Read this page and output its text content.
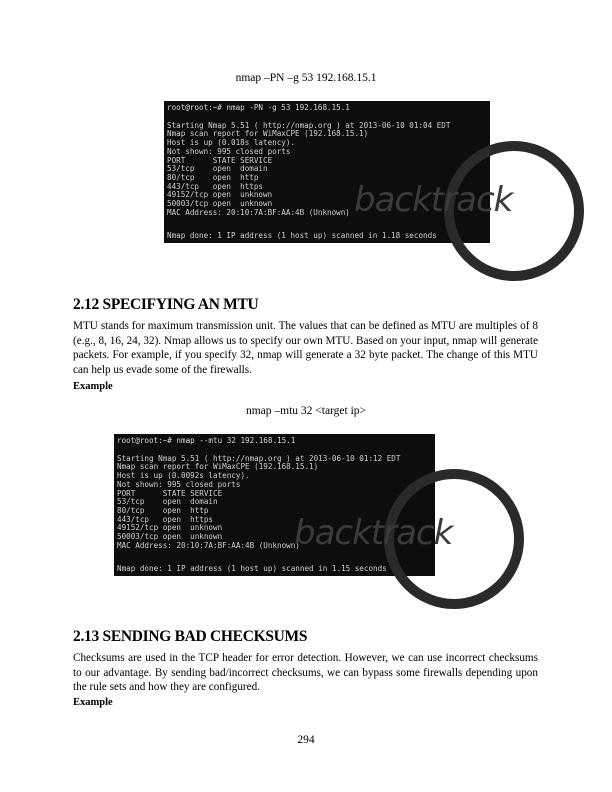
nmap –PN –g 53 192.168.15.1
backtrack
root@root:~# nmap -PN -g 53 192.168.15.1
Starting Nmap 5.51 ( http://nmap.org ) at 2013-06-10 01:04 EDT
Nmap scan report for WiMaxCPE (192.168.15.1)
Host is up (0.018s latency).
Not shown: 995 closed ports
PORT      STATE SERVICE
53/tcp    open  domain
80/tcp    open  http
443/tcp   open  https
49152/tcp open  unknown
50003/tcp open  unknown
MAC Address: 20:10:7A:BF:AA:4B (Unknown)
Nmap done: 1 IP address (1 host up) scanned in 1.18 seconds
2.12 SPECIFYING AN MTU

MTU stands for maximum transmission unit. The values that can be defined as MTU are multiples of 8 (e.g., 8, 16, 24, 32). Nmap allows us to specify our own MTU. Based on your input, nmap will generate packets. For example, if you specify 32, nmap will generate a 32 byte packet. The change of this MTU can help us evade some of the firewalls.

Example
nmap –mtu 32 <target ip>
backtrack
root@root:~# nmap --mtu 32 192.168.15.1
Starting Nmap 5.51 ( http://nmap.org ) at 2013-06-10 01:12 EDT
Nmap scan report for WiMaxCPE (192.168.15.1)
Host is up (0.0092s latency).
Not shown: 995 closed ports
PORT      STATE SERVICE
53/tcp    open  domain
80/tcp    open  http
443/tcp   open  https
49152/tcp open  unknown
50003/tcp open  unknown
MAC Address: 20:10:7A:BF:AA:4B (Unknown)
Nmap done: 1 IP address (1 host up) scanned in 1.15 seconds
2.13 SENDING BAD CHECKSUMS

Checksums are used in the TCP header for error detection. However, we can use incorrect checksums to our advantage. By sending bad/incorrect checksums, we can bypass some firewalls depending upon the rule sets and how they are configured.

Example
294
